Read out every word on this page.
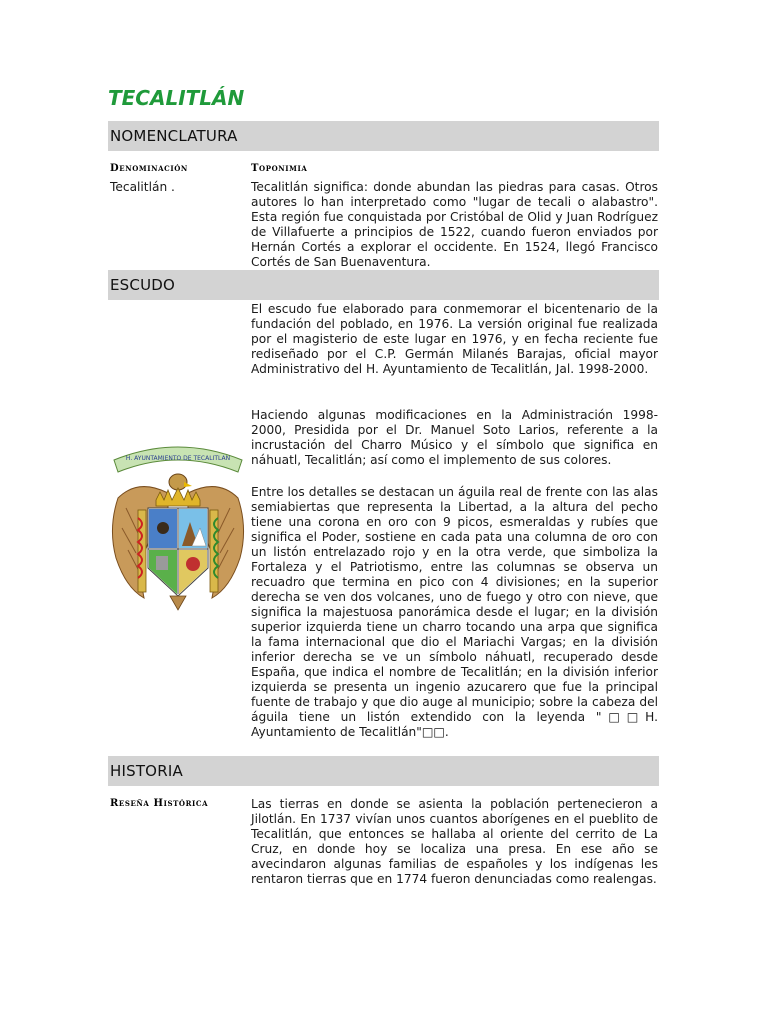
TECALITLÁN
NOMENCLATURA
Denominación	Toponimia
Tecalitlán .	Tecalitlán significa: donde abundan las piedras para casas. Otros autores lo han interpretado como "lugar de tecali o alabastro". Esta región fue conquistada por Cristóbal de Olid y Juan Rodríguez de Villafuerte a principios de 1522, cuando fueron enviados por Hernán Cortés a explorar el occidente. En 1524, llegó Francisco Cortés de San Buenaventura.
ESCUDO
El escudo fue elaborado para conmemorar el bicentenario de la fundación del poblado, en 1976. La versión original fue realizada por el magisterio de este lugar en 1976, y en fecha reciente fue rediseñado por el C.P. Germán Milanés Barajas, oficial mayor Administrativo del H. Ayuntamiento de Tecalitlán, Jal. 1998-2000.
Haciendo algunas modificaciones en la Administración 1998-2000, Presidida por el Dr. Manuel Soto Larios, referente a la incrustación del Charro Músico y el símbolo que significa en náhuatl, Tecalitlán; así como el implemento de sus colores.
Entre los detalles se destacan un águila real de frente con las alas semiabiertas que representa la Libertad, a la altura del pecho tiene una corona en oro con 9 picos, esmeraldas y rubíes que significa el Poder, sostiene en cada pata una columna de oro con un listón entrelazado rojo y en la otra verde, que simboliza la Fortaleza y el Patriotismo, entre las columnas se observa un recuadro que termina en pico con 4 divisiones; en la superior derecha se ven dos volcanes, uno de fuego y otro con nieve, que significa la majestuosa panorámica desde el lugar; en la división superior izquierda tiene un charro tocando una arpa que significa la fama internacional que dio el Mariachi Vargas; en la división inferior derecha se ve un símbolo náhuatl, recuperado desde España, que indica el nombre de Tecalitlán; en la división inferior izquierda se presenta un ingenio azucarero que fue la principal fuente de trabajo y que dio auge al municipio; sobre la cabeza del águila tiene un listón extendido con la leyenda "□□H. Ayuntamiento de Tecalitlán"□□.
H. AYUNTAMIENTO DE TECALITLAN
HISTORIA
Reseña Histórica	Las tierras en donde se asienta la población pertenecieron a Jilotlán. En 1737 vivían unos cuantos aborígenes en el pueblito de Tecalitlán, que entonces se hallaba al oriente del cerrito de La Cruz, en donde hoy se localiza una presa. En ese año se avecindaron algunas familias de españoles y los indígenas les rentaron tierras que en 1774 fueron denunciadas como realengas.
